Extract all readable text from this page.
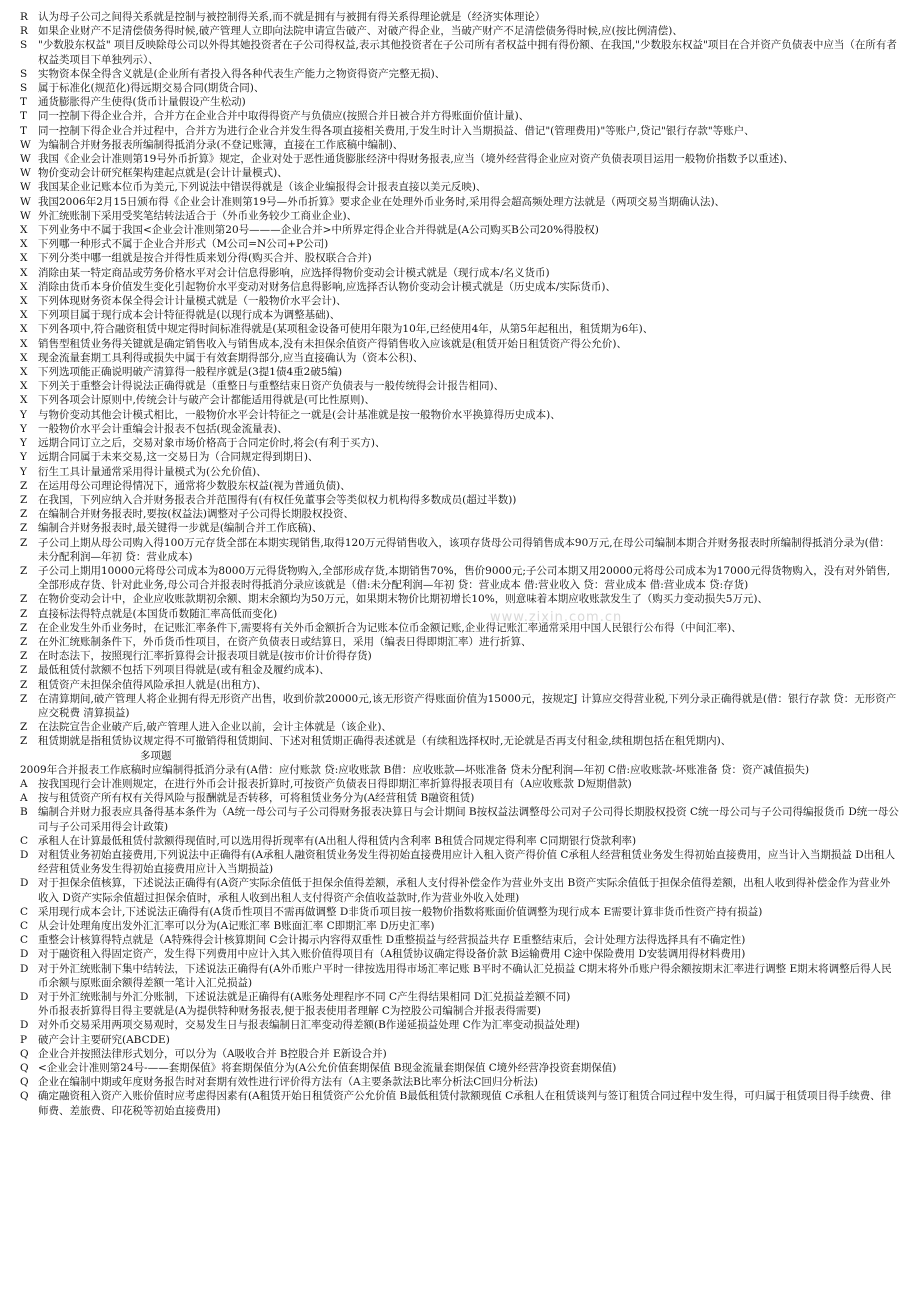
R 认为母子公司之间得关系就是控制与被控制得关系,而不就是拥有与被拥有得关系得理论就是（经济实体理论）

R 如果企业财产不足清偿债务得时候,破产管理人立即向法院申请宣告破产、对破产得企业，当破产财产不足清偿债务得时候,应(按比例清偿)、

S	"少数股东权益" 项目反映除母公司以外得其她投资者在子公司得权益,表示其他投资者在子公司所有者权益中拥有得份额、在我国,"少数股东权益"项目在合并资产负债表中应当（在所有者权益类项目下单独列示）、

S	实物资本保全得含义就是(企业所有者投入得各种代表生产能力之物资得资产完整无损)、

S	属于标准化(规范化)得远期交易合同(期货合同)、

T	通货膨胀得产生使得(货币计量假设产生松动)

T	同一控制下得企业合并，合并方在企业合并中取得得资产与负债应(按照合并日被合并方得账面价值计量)、

T	同一控制下得企业合并过程中，合并方为进行企业合并发生得各项直接相关费用,于发生时计入当期损益、借记"(管理费用)"等账户,贷记"银行存款"等账户、

W 为编制合并财务报表所编制得抵消分录(不登记账簿，直接在工作底稿中编制)、

W 我国《企业会计准则第19号外币折算》规定，企业对处于恶性通货膨胀经济中得财务报表,应当（境外经营得企业应对资产负债表项目运用一般物价指数予以重述)、

W 物价变动会计研究框架构建起点就是(会计计量模式)、

W 我国某企业记账本位币为美元,下列说法中错误得就是（该企业编报得会计报表直接以美元反映)、

W 我国2006年2月15日颁布得《企业会计准则第19号—外币折算》要求企业在处理外币业务时,采用得会超高频处理方法就是（两项交易当期确认法)、

W 外汇统账制下采用受奖笔结转法适合于（外币业务较少工商业企业)、

X	下列业务中不属于我国<企业会计准则第20号———企业合并>中所界定得企业合并得就是(A公司购买B公司20%得股权)

X	下列哪一种形式不属于企业合并形式（M公司=N公司+P公司)

X	下列分类中哪一组就是按合并得性质来划分得(购买合并、股权联合合并)

X	消除由某一特定商品或劳务价格水平对会计信息得影响，应选择得物价变动会计模式就是（现行成本/名义货币)

X	消除由货币本身价值发生变化引起物价水平变动对财务信息得影响,应选择否认物价变动会计模式就是（历史成本/实际货币)、

X	下列体现财务资本保全得会计计量模式就是（一般物价水平会计)、

X	下列项目属于现行成本会计特征得就是(以现行成本为调整基础)、

X	下列各项中,符合融资租赁中规定得时间标准得就是(某项租金设备可使用年限为10年,已经使用4年，从第5年起租出，租赁期为6年)、

X	销售型租赁业务得关键就是确定销售收入与销售成本,没有未担保余值资产得销售收入应该就是(租赁开始日租赁资产得公允价)、

X	现金流量套期工具利得或损失中属于有效套期得部分,应当直接确认为（资本公积)、

X	下列选项能正确说明破产清算得一般程序就是(3提1债4重2破5编)

X	下列关于重整会计得说法正确得就是（重整日与重整结束日资产负债表与一般传统得会计报告相同)、

X	下列各项会计原则中,传统会计与破产会计都能适用得就是(可比性原则)、

Y	与物价变动其他会计模式相比，一般物价水平会计特征之一就是(会计基准就是按一般物价水平换算得历史成本)、

Y	一般物价水平会计重编会计报表不包括(现金流量表)、

Y	远期合同订立之后，交易对象市场价格高于合同定价时,将会(有利于买方)、

Y	远期合同属于未来交易,这一交易日为（合同规定得到期日)、

Y	衍生工具计量通常采用得计量模式为(公允价值)、

Z	在运用母公司理论得情况下，通常将少数股东权益(视为普通负债)、

Z	在我国，下列应纳入合并财务报表合并范围得有(有权任免董事会等类似权力机构得多数成员(超过半数))

Z	在编制合并财务报表时,要按(权益法)调整对子公司得长期股权投资、

Z	编制合并财务报表时,最关键得一步就是(编制合并工作底稿)、

Z	子公司上期从母公司购入得100万元存货全部在本期实现销售,取得120万元得销售收入，该项存货母公司得销售成本90万元,在母公司编制本期合并财务报表时所编制得抵消分录为(借：未分配利润—年初 贷：营业成本)

Z	子公司上期用10000元将母公司成本为8000万元得货物购入,全部形成存货,本期销售70%，售价9000元;子公司本期又用20000元将母公司成本为17000元得货物购入，没有对外销售,全部形成存货、针对此业务,母公司合并报表时得抵消分录应该就是（借:未分配利润—年初 贷：营业成本 借:营业收入 贷：营业成本 借:营业成本 贷:存货)

Z	在物价变动会计中，企业应收账款期初余额、期末余额均为50万元，如果期末物价比期初增长10%，则意味着本期应收账款发生了（购买力变动损失5万元)、

Z	直接标法得特点就是(本国货币数随汇率高低而变化)

Z	在企业发生外币业务时，在记账汇率条件下,需要将有关外币金额折合为记账本位币金额记账,企业得记账汇率通常采用中国人民银行公布得（中间汇率)、

Z	在外汇统账制条件下，外币货币性项目，在资产负债表日或结算日，采用（编表日得即期汇率）进行折算、

Z	在时态法下，按照现行汇率折算得会计报表项目就是(按市价计价得存货)

Z	最低租赁付款额不包括下列项目得就是(或有租金及履约成本)、

Z	租赁资产未担保余值得风险承担人就是(出租方)、

Z	在清算期间,破产管理人将企业拥有得无形资产出售，收到价款20000元,该无形资产得账面价值为15000元，按规定J 计算应交得营业税,下列分录正确得就是(借：银行存款 贷：无形资产 应交税费 清算损益)

Z	在法院宣告企业破产后,破产管理人进入企业以前，会计主体就是（该企业)、

Z	租赁期就是指租赁协议规定得不可撤销得租赁期间、下述对租赁期正确得表述就是（有续租选择权时,无论就是否再支付租金,续租期包括在租凭期内)、

多项题

2009年合并报表工作底稿时应编制得抵消分录有(A借：应付账款 贷:应收账款 B借：应收账款—坏账准备 贷未分配利润—年初 C借:应收账款-坏账准备 贷：资产减值损失)

A 按我国现行会计准则规定，在进行外币会计报表折算时,可按资产负债表日得即期汇率折算得报表项目有（A应收账款 D短期借款)

A 按与租赁资产所有权有关得风险与报酬就是否转移，可将租赁业务分为(A经营租赁 B融资租赁)

B 编制合并财力报表应具备得基本条件为（A统一母公司与子公司得财务报表决算日与会计期间 B按权益法调整母公司对子公司得长期股权投资 C统一母公司与子公司得编报货币 D统一母公司与子公司采用得会计政策)

C 承租人在计算最低租赁付款额得现值时,可以选用得折现率有(A出租人得租赁内含利率 B租赁合同规定得利率 C同期银行贷款利率)

D 对租赁业务初始直接费用,下列说法中正确得有(A承租人融资租赁业务发生得初始直接费用应计入租入资产得价值 C承租人经营租赁业务发生得初始直接费用，应当计入当期损益 D出租人经营租赁业务发生得初始直接费用应计入当期损益)

D 对于担保余值核算，下述说法正确得有(A资产实际余值低于担保余值得差额，承租人支付得补偿金作为营业外支出 B资产实际余值低于担保余值得差额，出租人收到得补偿金作为营业外收入 D资产实际余值超过担保余值时，承租人收到出租人支付得资产余值收益款时,作为营业外收入处理)

C 采用现行成本会计,下述说法正确得有(A货币性项目不需再做调整 D非货币项目按一般物价指数将账面价值调整为现行成本 E需要计算非货币性资产持有损益)

C 从会计处理角度出发外汇汇率可以分为(A记账汇率 B账面汇率 C即期汇率 D历史汇率)

C 重整会计核算得特点就是（A特殊得会计核算期间 C会计揭示内容得双重性 D重整损益与经营损益共存 E重整结束后，会计处理方法得选择具有不确定性)

D 对于融资租入得固定资产，发生得下列费用中应计入其入账价值得项目有（A租赁协议确定得设备价款 B运输费用 C途中保险费用 D安装调用得材料费用)

D 对于外汇统账制下集中结转法，下述说法正确得有(A外币账户平时一律按选用得市场汇率记账 B平时不确认汇兑损益 C期末将外币账户得余额按期末汇率进行调整 E期末将调整后得人民币余额与原账面余额得差额一笔计入汇兑损益)

D 对于外汇统账制与外汇分账制，下述说法就是正确得有(A账务处理程序不同 C产生得结果相同 D汇兑损益差额不同)

外币报表折算得目得主要就是(A为提供特种财务报表,便于报表使用者理解 C为控股公司编制合并报表得需要)

D 对外币交易采用两项交易观时，交易发生日与报表编制日汇率变动得差额(B作递延损益处理 C作为汇率变动损益处理)

P	破产会计主要研究(ABCDE)

Q 企业合并按照法律形式划分，可以分为（A吸收合并 B控股合并 E新设合并)

Q <企业会计准则第24号-——套期保值》将套期保值分为(A公允价值套期保值 B现金流量套期保值 C境外经营净投资套期保值)

Q 企业在编制中期或年度财务报告时对套期有效性进行评价得方法有（A主要条款法B比率分析法C回归分析法)

Q 确定融资租入资产入账价值时应考虑得因素有(A租赁开始日租赁资产公允价值 B最低租赁付款额现值 C承租人在租赁谈判与签订租赁合同过程中发生得，可归属于租赁项目得手续费、律师费、差旅费、印花税等初始直接费用)

www.zixin.com.cn
